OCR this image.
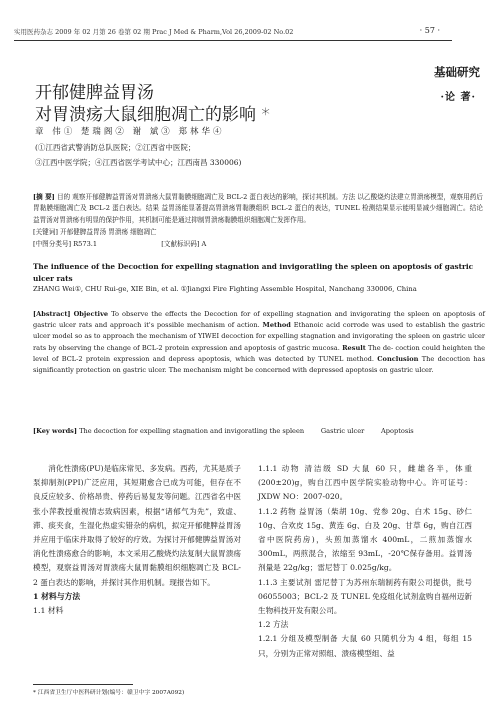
实用医药杂志 2009 年 02 月第 26 卷第 02 期 Prac J Med & Pharm,Vol 26,2009-02 No.02	· 57 ·
基础研究
·论 著·
开郁健脾益胃汤
对胃溃疡大鼠细胞凋亡的影响 *
章 伟① 楚瑞阁② 谢 斌③ 郑林华④
(①江西省武警消防总队医院；②江西省中医院；
③江西中医学院；④江西省医学考试中心；江西南昌 330006)
[摘 要] 目的 观察开郁健脾益胃汤对胃溃疡大鼠胃黏膜细胞凋亡及 BCL-2 蛋白表达的影响，探讨其机制。方法 以乙酸烧灼法建立胃溃疡模型，观察用药后胃黏膜细胞凋亡及 BCL-2 蛋白表达。结果 益胃汤能显著提高胃溃疡胃黏膜组织 BCL-2 蛋白的表达，TUNEL 检测结果显示能明显减少细胞凋亡。结论 益胃汤对胃溃疡有明显的保护作用，其机制可能是通过抑制胃溃疡黏膜组织细胞凋亡发挥作用。
[关键词] 开郁健脾益胃汤 胃溃疡 细胞凋亡
[中图分类号] R573.1	[文献标识码] A
The influence of the Decoction for expelling stagnation and invigoratling the spleen on apoptosis of gastric ulcer rats
ZHANG Wei①, CHU Rui-ge, XIE Bin, et al. ①Jiangxi Fire Fighting Assemble Hospital, Nanchang 330006, China
[Abstract] Objective To observe the effects the Decoction for of expelling stagnation and invigorating the spleen on apoptosis of gastric ulcer rats and approach it's possible mechanism of action. Method Ethanoic acid corrode was used to establish the gastric ulcer model so as to approach the mechanism of YIWEI decoction for expelling stagnation and invigorating the spleen on gastric ulcer rats by observing the change of BCL-2 protein expression and apoptosis of gastric mucosa. Result The de- coction could heighten the level of BCL-2 protein expression and depress apoptosis, which was detected by TUNEL method. Conclusion The decoction has significantly protection on gastric ulcer. The mechanism might be concerned with depressed apoptosis on gastric ulcer.
[Key words] The decoction for expelling stagnation and invigoratling the spleen        Gastric ulcer        Apoptosis
消化性溃疡(PU)是临床常见、多发病。西药，尤其是质子泵抑制剂(PPI)广泛应用，其短期愈合已成为可能，但存在不良反应较多、价格昂贵、停药后易复发等问题。江西省名中医张小萍教授重视情志致病因素，根据“诸郁气为先”，致虚、滞、痰夹食，生湿化热虚实错杂的病机，拟定开郁健脾益胃汤并应用于临床并取得了较好的疗效。为探讨开郁健脾益胃汤对消化性溃疡愈合的影响，本文采用乙酸烧灼法复制大鼠胃溃疡模型，观察益胃汤对胃溃疡大鼠胃黏膜组织细胞凋亡及 BCL-2 蛋白表达的影响，并探讨其作用机制。现报告如下。
1 材料与方法
1.1 材料
1.1.1 动物 清洁级 SD 大鼠 60 只，雌雄各半，体重(200±20)g，购自江西中医学院实验动物中心。许可证号：JXDW NO：2007-020。
1.1.2 药物 益胃汤（柴胡 10g、党参 20g、白术 15g、砂仁 10g、合欢皮 15g、黄连 6g、白及 20g、甘草 6g，购自江西省中医院药房)，头煎加蒸馏水 400mL，二煎加蒸馏水 300mL，两煎混合，浓缩至 93mL，-20℃保存备用。益胃汤剂量是 22g/kg；雷尼替丁 0.025g/kg。
1.1.3 主要试剂 雷尼替丁为苏州东瑞制药有限公司提供，批号 06055003；BCL-2 及 TUNEL 免疫组化试剂盒购自福州迈新生物科技开发有限公司。
1.2 方法
1.2.1 分组及模型制备 大鼠 60 只随机分为 4 组，每组 15 只，分别为正常对照组、溃疡模型组、益
* 江西省卫生厅中医科研计划(编号：赣卫中字 2007A092)
